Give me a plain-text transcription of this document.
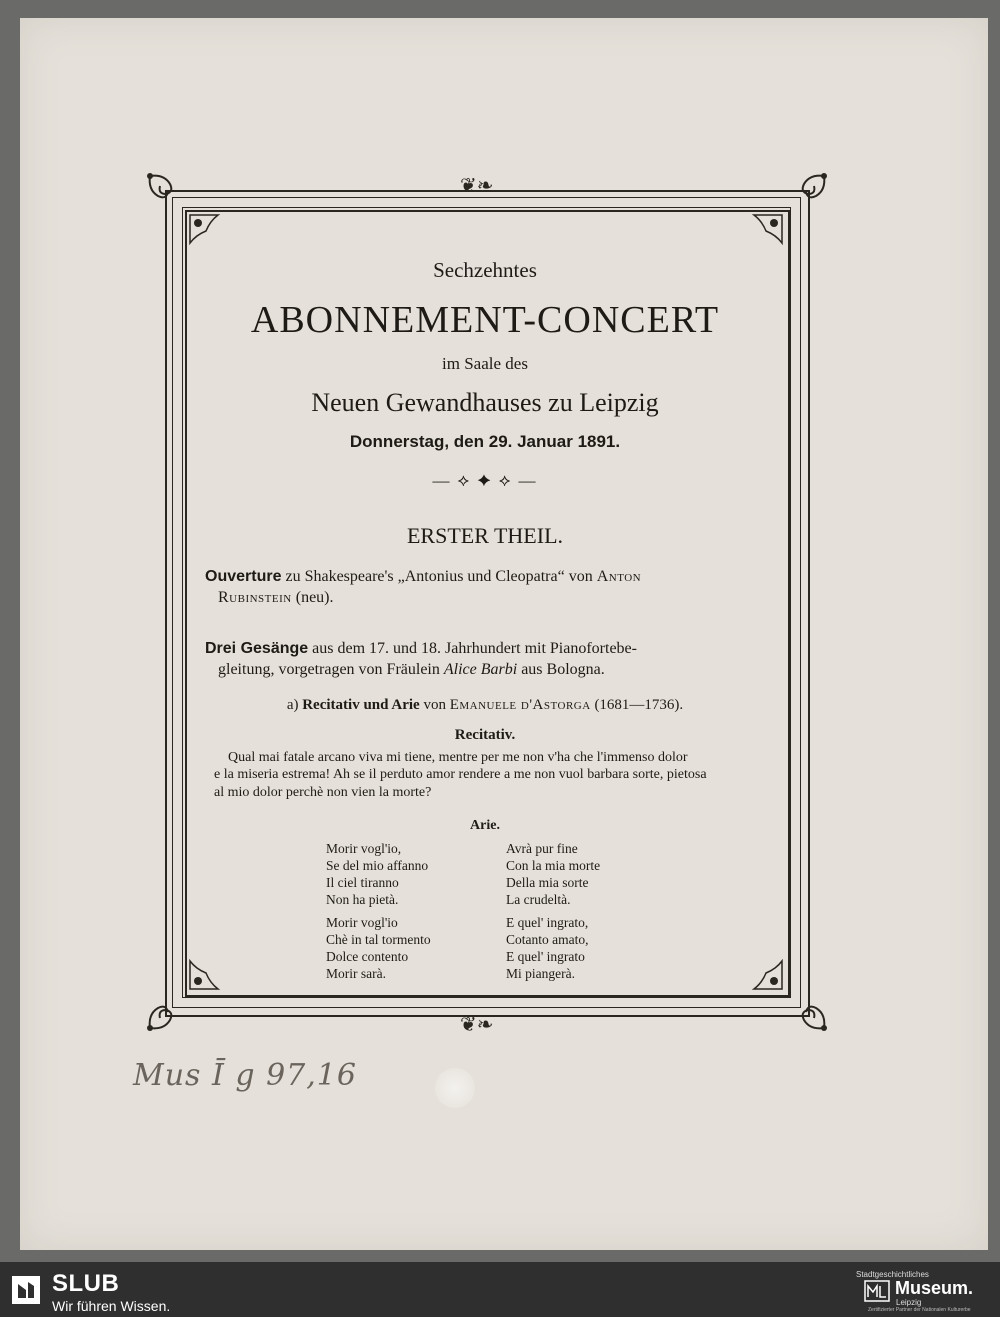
❦❧
❦❧
Sechzehntes
ABONNEMENT-CONCERT
im Saale des
Neuen Gewandhauses zu Leipzig
Donnerstag, den 29. Januar 1891.
— ⟡ ✦ ⟡ —
ERSTER THEIL.
Ouverture zu Shakespeare's „Antonius und Cleopatra“ von Anton
Rubinstein (neu).
Drei Gesänge aus dem 17. und 18. Jahrhundert mit Pianofortebe-
gleitung, vorgetragen von Fräulein Alice Barbi aus Bologna.
a) Recitativ und Arie von Emanuele d'Astorga (1681—1736).
Recitativ.
Qual mai fatale arcano viva mi tiene, mentre per me non v'ha che l'immenso dolor
e la miseria estrema! Ah se il perduto amor rendere a me non vuol barbara sorte, pietosa
al mio dolor perchè non vien la morte?
Arie.
Morir vogl'io,
Se del mio affanno
Il ciel tiranno
Non ha pietà.
Morir vogl'io
Chè in tal tormento
Dolce contento
Morir sarà.
Avrà pur fine
Con la mia morte
Della mia sorte
La crudeltà.
E quel' ingrato,
Cotanto amato,
E quel' ingrato
Mi piangerà.
Mus Ī g 97,16
SLUB
Wir führen Wissen.
Stadtgeschichtliches
Museum.
Leipzig
Zertifizierter Partner der Nationalen Kulturerbe
